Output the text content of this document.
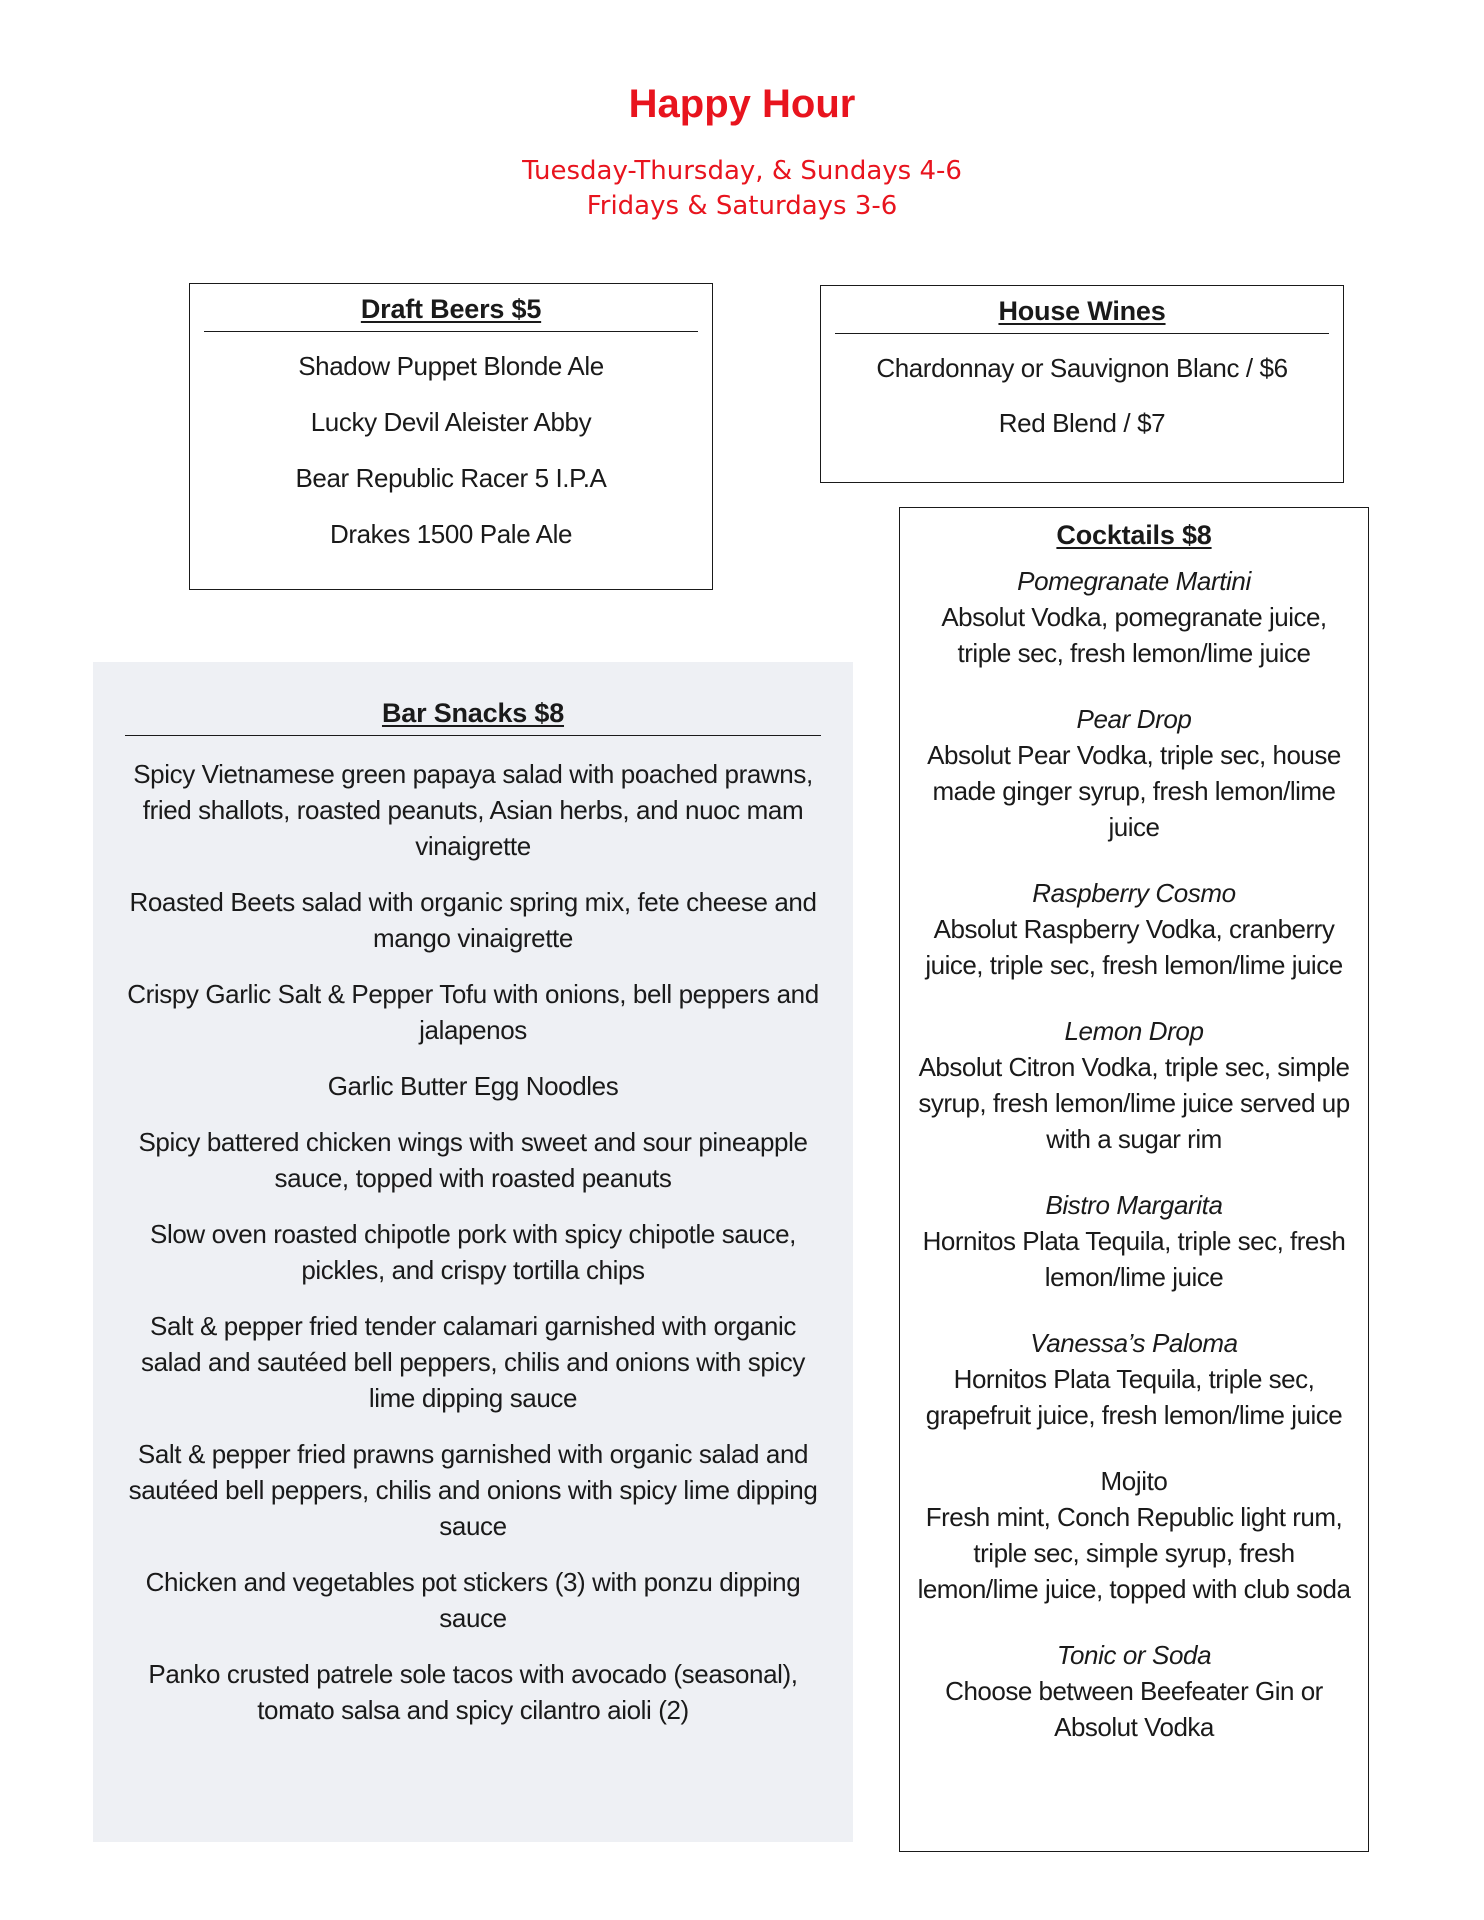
Happy Hour
Tuesday-Thursday, & Sundays 4-6
Fridays & Saturdays 3-6
Draft Beers $5
Shadow Puppet Blonde Ale
Lucky Devil Aleister Abby
Bear Republic Racer 5 I.P.A
Drakes 1500 Pale Ale
House Wines
Chardonnay or Sauvignon Blanc / $6
Red Blend / $7
Cocktails $8
Pomegranate Martini
Absolut Vodka, pomegranate juice, triple sec, fresh lemon/lime juice
Pear Drop
Absolut Pear Vodka, triple sec, house made ginger syrup, fresh lemon/lime juice
Raspberry Cosmo
Absolut Raspberry Vodka, cranberry juice, triple sec, fresh lemon/lime juice
Lemon Drop
Absolut Citron Vodka, triple sec, simple syrup, fresh lemon/lime juice served up with a sugar rim
Bistro Margarita
Hornitos Plata Tequila, triple sec, fresh lemon/lime juice
Vanessa’s Paloma
Hornitos Plata Tequila, triple sec, grapefruit juice, fresh lemon/lime juice
Mojito
Fresh mint, Conch Republic light rum, triple sec, simple syrup, fresh lemon/lime juice, topped with club soda
Tonic or Soda
Choose between Beefeater Gin or Absolut Vodka
Bar Snacks $8
Spicy Vietnamese green papaya salad with poached prawns, fried shallots, roasted peanuts, Asian herbs, and nuoc mam vinaigrette
Roasted Beets salad with organic spring mix, fete cheese and mango vinaigrette
Crispy Garlic Salt & Pepper Tofu with onions, bell peppers and jalapenos
Garlic Butter Egg Noodles
Spicy battered chicken wings with sweet and sour pineapple sauce, topped with roasted peanuts
Slow oven roasted chipotle pork with spicy chipotle sauce, pickles, and crispy tortilla chips
Salt & pepper fried tender calamari garnished with organic salad and sautéed bell peppers, chilis and onions with spicy lime dipping sauce
Salt & pepper fried prawns garnished with organic salad and sautéed bell peppers, chilis and onions with spicy lime dipping sauce
Chicken and vegetables pot stickers (3) with ponzu dipping sauce
Panko crusted patrele sole tacos with avocado (seasonal), tomato salsa and spicy cilantro aioli (2)
